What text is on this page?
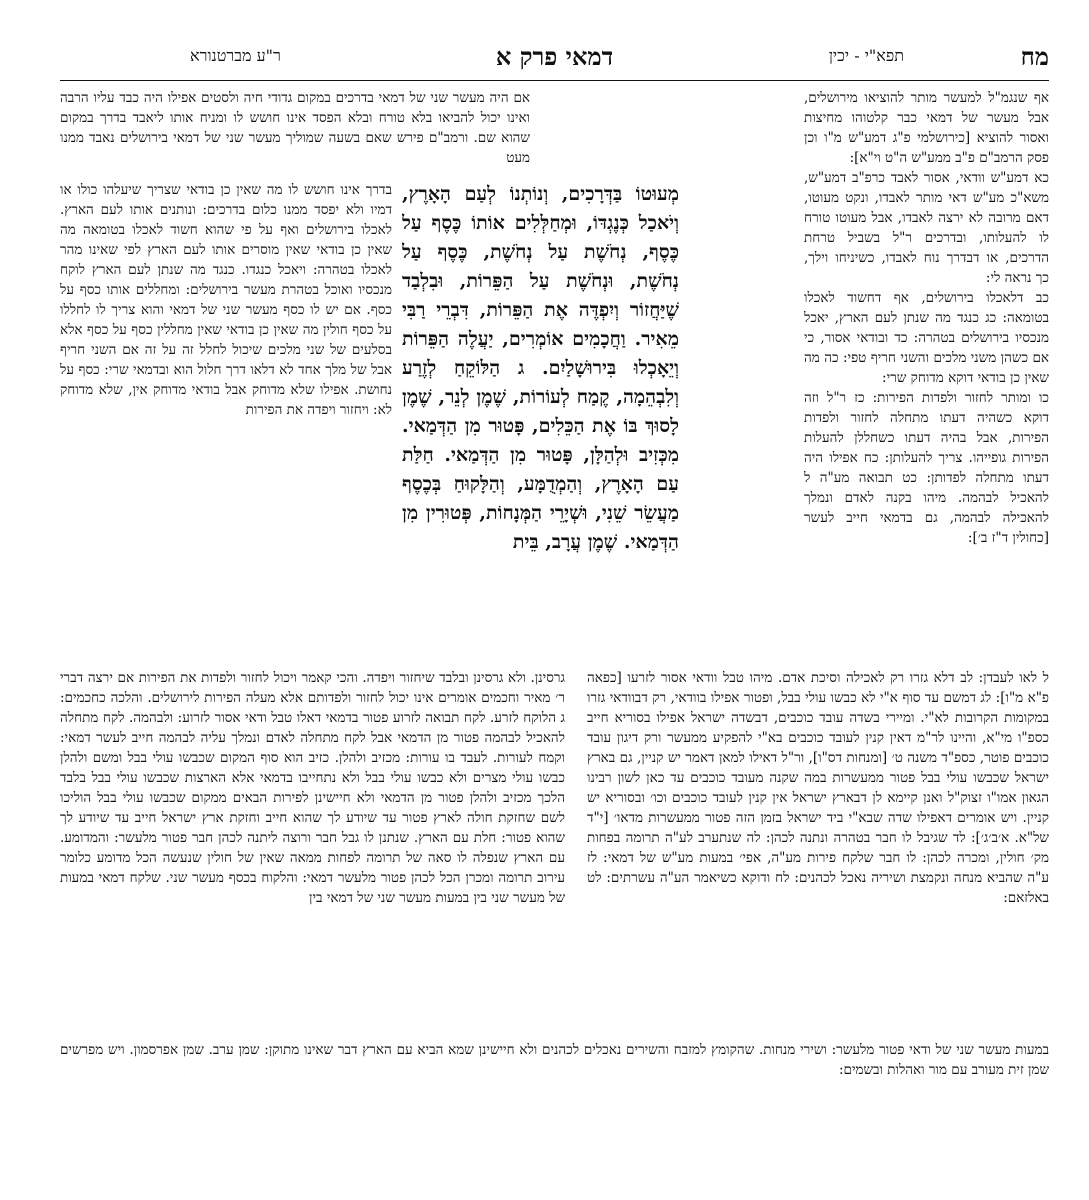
מח
תפא"י - יכין
דמאי פרק א
ר"ע מברטנורא

אף שנגמ"ל למעשר מותר להוציאו מירושלים, אבל מעשר של דמאי כבר קלטוהו מחיצות ואסור להוציא [כירושלמי פ"ג דמע"ש מ"ו וכן פסק הרמב"ם פ"ב ממע"ש ה"ט וי"א]:

כא דמע"ש וודאי, אסור לאבד כרפ"ב דמע"ש, משא"כ מע"ש דאי מותר לאבדו, ונקט מעוטו, דאם מרובה לא ירצה לאבדו, אבל מעוטו טורח לו להעלותו, ובדרכים ר"ל בשביל טרחת הדרכים, או דבדרך נוח לאבדו, כשיניחו וילך, כך נראה לי:

כב דלאכלו בירושלים, אף דחשוד לאכלו בטומאה: כג כנגד מה שנתן לעם הארץ, יאכל מנכסיו בירושלים בטהרה: כד ובודאי אסור, כי אם כשהן משני מלכים והשני חריף טפי: כה מה שאין כן בודאי דוקא מדוחק שרי:

כו ומותר לחזור ולפדות הפירות: כז ר"ל וזה דוקא כשהיה דעתו מתחלה לחזור ולפדות הפירות, אבל בהיה דעתו כשחללן להעלות הפירות גופייהו. צריך להעלותן: כח אפילו היה דעתו מתחלה לפדותן: כט תבואה מע"ה ל להאכיל לבהמה. מיהו בקנה לאדם ונמלך להאכילה לבהמה, גם בדמאי חייב לעשר [כחולין ד"ז ב׳]:

אם היה מעשר שני של דמאי בדרכים במקום גדודי חיה ולסטים אפילו היה כבד עליו הרבה ואינו יכול להביאו בלא טורח ובלא הפסד אינו חושש לו ומניח אותו ליאבד בדרך במקום שהוא שם. ורמב"ם פירש שאם בשעה שמוליך מעשר שני של דמאי בירושלים נאבד ממנו מעט

מְעוּטוֹ בַּדְּרָכִים, וְנוֹתְנוֹ לְעַם הָאָרֶץ, וְיֹאכַל כְּנֶגְדּוֹ, וּמְחַלְּלִים אוֹתוֹ כֶּסֶף עַל כֶּסֶף, נְחֹשֶׁת עַל נְחֹשֶׁת, כֶּסֶף עַל נְחֹשֶׁת, וּנְחֹשֶׁת עַל הַפֵּרוֹת, וּבִלְבַד שֶׁיַּחֲזוֹר וְיִפְדֶּה אֶת הַפֵּרוֹת, דִּבְרֵי רַבִּי מֵאִיר. וַחֲכָמִים אוֹמְרִים, יַעֲלֶה הַפֵּרוֹת וְיֵאָכְלוּ בִּירוּשָׁלַיִם. ג הַלּוֹקֵחַ לְזֶרַע וְלִבְהֵמָה, קֶמַח לְעוֹרוֹת, שֶׁמֶן לְנֵר, שֶׁמֶן לָסוּךְ בּוֹ אֶת הַכֵּלִים, פָּטוּר מִן הַדְּמַאי. מִכְּזִיב וּלְהַלָּן, פָּטוּר מִן הַדְּמַאי. חַלַּת עַם הָאָרֶץ, וְהַמְדֻמָּע, וְהַלָּקוּחַ בְּכֶסֶף מַעֲשֵׂר שֵׁנִי, וּשְׁיָרֵי הַמְּנָחוֹת, פְּטוּרִין מִן הַדְּמַאי. שֶׁמֶן עֲרָב, בֵּית

בדרך אינו חושש לו מה שאין כן בודאי שצריך שיעלהו כולו או דמיו ולא יפסד ממנו כלום בדרכים: ונותנים אותו לעם הארץ. לאכלו בירושלים ואף על פי שהוא חשוד לאכלו בטומאה מה שאין כן בודאי שאין מוסרים אותו לעם הארץ לפי שאינו מהר לאכלו בטהרה: ויאכל כנגדו. כנגד מה שנתן לעם הארץ לוקח מנכסיו ואוכל בטהרת מעשר בירושלים: ומחללים אותו כסף על כסף. אם יש לו כסף מעשר שני של דמאי והוא צריך לו לחללו על כסף חולין מה שאין כן בודאי שאין מחללין כסף על כסף אלא בסלעים של שני מלכים שיכול לחלל זה על זה אם השני חריף אבל של מלך אחד לא דלאו דרך חלול הוא ובדמאי שרי: כסף על נחושת. אפילו שלא מדוחק אבל בודאי מדוחק אין, שלא מדוחק לא: ויחזור ויפדה את הפירות

ל לאו לעבדן: לב דלא גזרו רק לאכילה וסיכת אדם. מיהו טבל וודאי אסור לזרעו [כפאה פ"א מ"ו]: לג דמשם עד סוף א"י לא כבשו עולי בבל, ופטור אפילו בוודאי, רק דבוודאי גזרו במקומות הקרובות לא"י. ומיירי בשדה עובד כוכבים, דבשדה ישראל אפילו בסוריא חייב כספ"ו מי"א, והיינו לר"מ דאין קנין לעובד כוכבים בא"י להפקיע ממעשר ורק דיגון עובד כוכבים פוטר, כספ"ד משנה ט׳ [ומנחות דס"ו], ור"ל דאילו למאן דאמר יש קניין, גם בארץ ישראל שכבשו עולי בבל פטור ממעשרות במה שקנה מעובד כוכבים עד כאן לשון רבינו הגאון אמו"ו זצוק"ל ואנן קיימא לן דבארץ ישראל אין קנין לעובד כוכבים וכו׳ ובסוריא יש קניין. ויש אומרים דאפילו שדה שבא"י ביד ישראל בזמן הזה פטור ממעשרות מדאו׳ [י"ד של"א. א׳ב׳ג׳]: לד שגיבל לו חבר בטהרה ונתנה לכהן: לה שנתערב לע"ה תרומה בפחות מק׳ חולין, ומכרה לכהן: לו חבר שלקח פירות מע"ה, אפי׳ במעות מע"ש של דמאי: לז ע"ה שהביא מנחה ונקמצת ושיריה נאכל לכהנים: לח ודוקא כשיאמר הע"ה עשרתים: לט באלזאם:

גרסינן. ולא גרסינן ובלבד שיחזור ויפדה. והכי קאמר ויכול לחזור ולפדות את הפירות אם ירצה דברי ר׳ מאיר וחכמים אומרים אינו יכול לחזור ולפדותם אלא מעלה הפירות לירושלים. והלכה כחכמים: ג הלוקח לזרע. לקח תבואה לזרוע פטור בדמאי דאלו טבל ודאי אסור לזרוע: ולבהמה. לקח מתחלה להאכיל לבהמה פטור מן הדמאי אבל לקח מתחלה לאדם ונמלך עליה לבהמה חייב לעשר דמאי: וקמח לעורות. לעבד בו עורות: מכזיב ולהלן. כזיב הוא סוף המקום שכבשו עולי בבל ומשם ולהלן כבשו עולי מצרים ולא כבשו עולי בבל ולא נתחייבו בדמאי אלא הארצות שכבשו עולי בבל בלבד הלכך מכזיב ולהלן פטור מן הדמאי ולא חיישינן לפירות הבאים ממקום שכבשו עולי בבל הוליכו לשם שחזקת חולה לארץ פטור עד שיודע לך שהוא חייב וחזקת ארץ ישראל חייב עד שיודע לך שהוא פטור: חלת עם הארץ. שנתנן לו גבל חבר ורוצה ליתנה לכהן חבר פטור מלעשר: והמדומע. עם הארץ שנפלה לו סאה של תרומה לפחות ממאה שאין של חולין שנעשה הכל מדומע כלומר עירוב תרומה ומכרן הכל לכהן פטור מלעשר דמאי: והלקוח בכסף מעשר שני. שלקח דמאי במעות של מעשר שני בין במעות מעשר שני של דמאי בין

במעות מעשר שני של ודאי פטור מלעשר: ושירי מנחות. שהקומץ למזבח והשירים נאכלים לכהנים ולא חיישינן שמא הביא עם הארץ דבר שאינו מתוקן: שמן ערב. שמן אפרסמון. ויש מפרשים שמן זית מעורב עם מור ואהלות ובשמים:
